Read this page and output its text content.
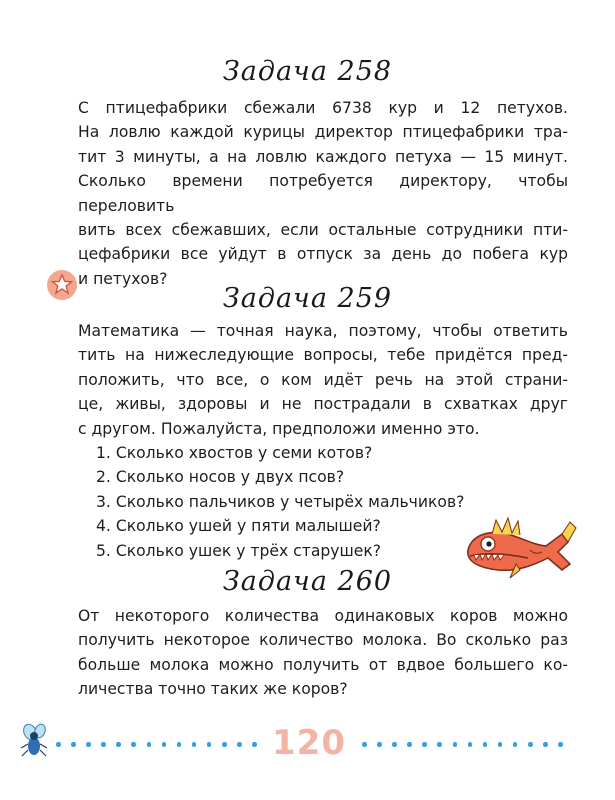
Задача 258
С птицефабрики сбежали 6738 кур и 12 петухов.
На ловлю каждой курицы директор птицефабрики тра-
тит 3 минуты, а на ловлю каждого петуха — 15 минут.
Сколько времени потребуется директору, чтобы переловить
вить всех сбежавших, если остальные сотрудники пти-
цефабрики все уйдут в отпуск за день до побега кур
и петухов?
Задача 259
Математика — точная наука, поэтому, чтобы ответить
тить на нижеследующие вопросы, тебе придётся пред-
положить, что все, о ком идёт речь на этой страни-
це, живы, здоровы и не пострадали в схватках друг
с другом. Пожалуйста, предположи именно это.
1. Сколько хвостов у семи котов?
2. Сколько носов у двух псов?
3. Сколько пальчиков у четырёх мальчиков?
4. Сколько ушей у пяти малышей?
5. Сколько ушек у трёх старушек?
Задача 260
От некоторого количества одинаковых коров можно
получить некоторое количество молока. Во сколько раз
больше молока можно получить от вдвое большего ко-
личества точно таких же коров?
120
